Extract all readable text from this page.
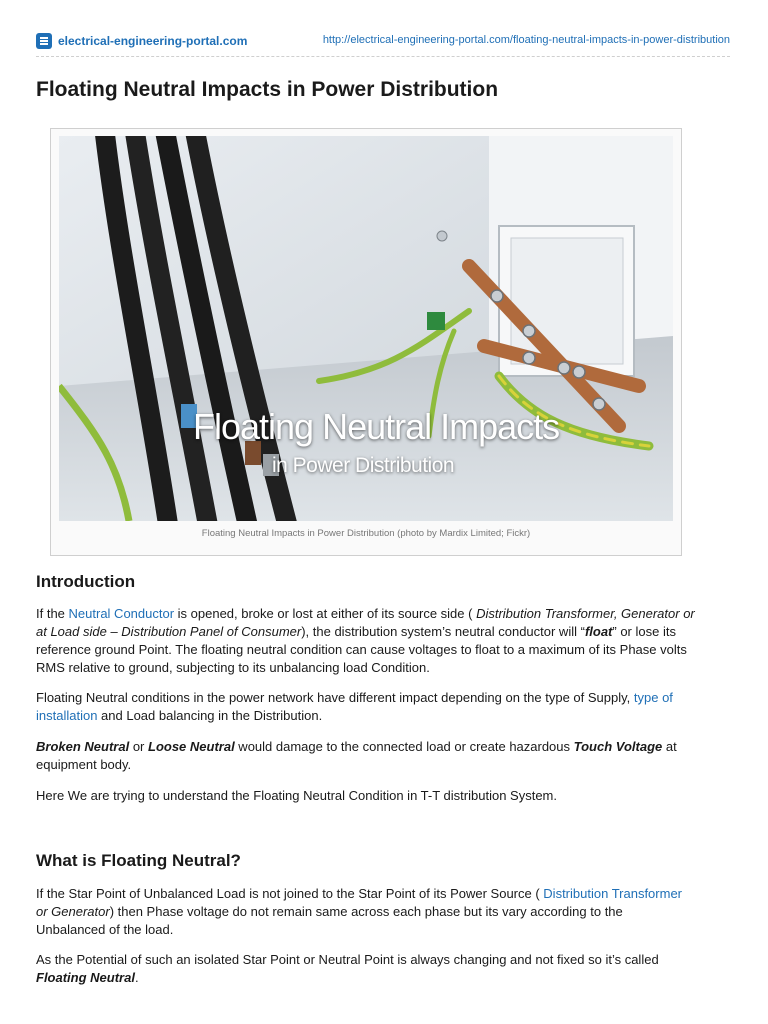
electrical-engineering-portal.com	http://electrical-engineering-portal.com/floating-neutral-impacts-in-power-distribution
Floating Neutral Impacts in Power Distribution
Floating Neutral Impacts
in Power Distribution
Floating Neutral Impacts in Power Distribution (photo by Mardix Limited; Fickr)
Introduction

If the Neutral Conductor is opened, broke or lost at either of its source side ( Distribution Transformer, Generator or
at Load side – Distribution Panel of Consumer), the distribution system’s neutral conductor will “float” or lose its
reference ground Point. The floating neutral condition can cause voltages to float to a maximum of its Phase volts
RMS relative to ground, subjecting to its unbalancing load Condition.

Floating Neutral conditions in the power network have different impact depending on the type of Supply, type of
installation and Load balancing in the Distribution.

Broken Neutral or Loose Neutral would damage to the connected load or create hazardous Touch Voltage at
equipment body.

Here We are trying to understand the Floating Neutral Condition in T-T distribution System.

What is Floating Neutral?

If the Star Point of Unbalanced Load is not joined to the Star Point of its Power Source ( Distribution Transformer
or Generator) then Phase voltage do not remain same across each phase but its vary according to the
Unbalanced of the load.

As the Potential of such an isolated Star Point or Neutral Point is always changing and not fixed so it’s called
Floating Neutral.
